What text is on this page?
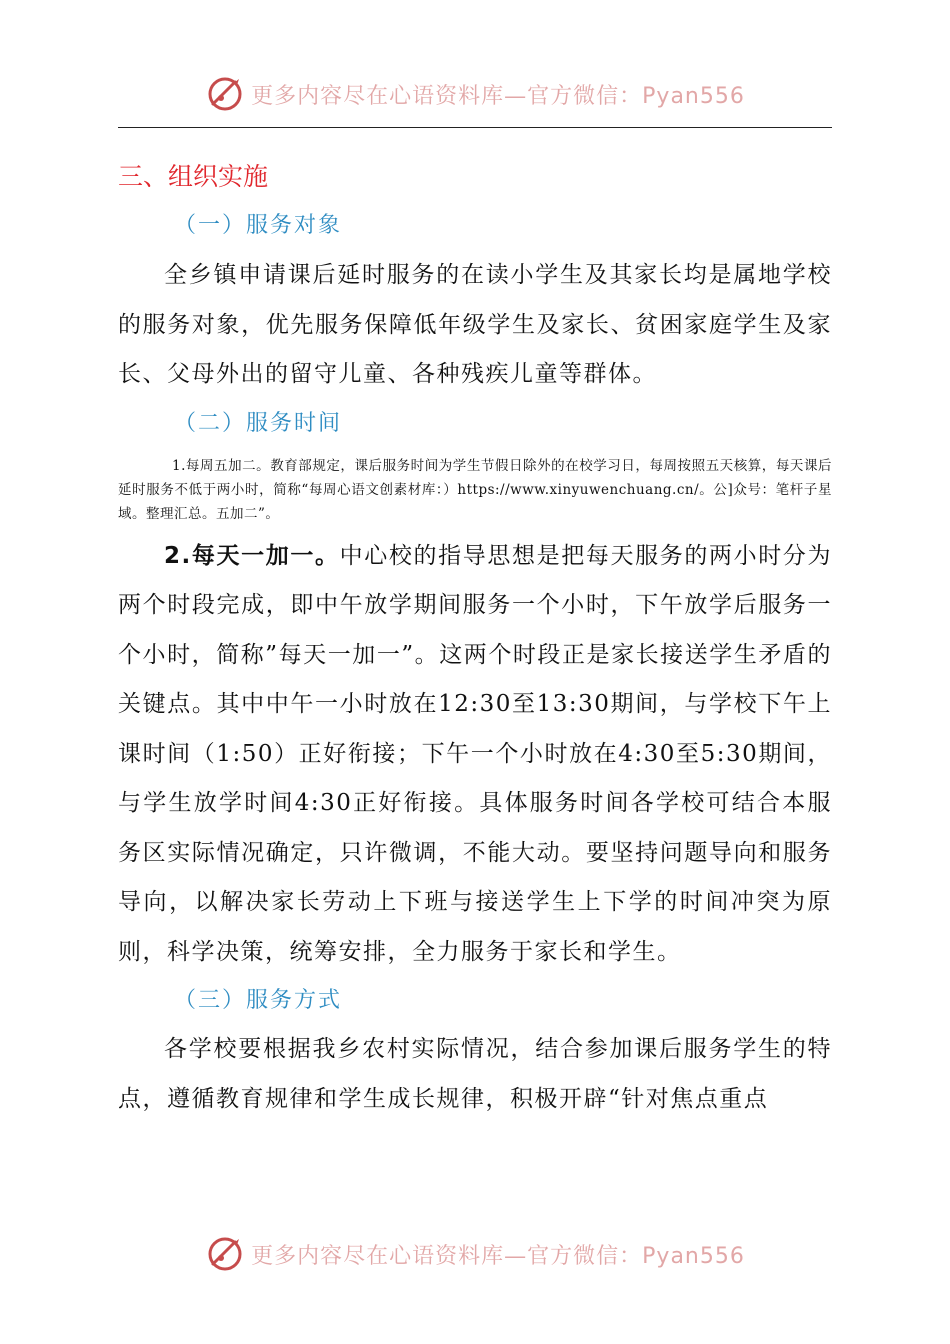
更多内容尽在心语资料库—官方微信：Pyan556
三、组织实施
（一）服务对象

全乡镇申请课后延时服务的在读小学生及其家长均是属地学校的服务对象，优先服务保障低年级学生及家长、贫困家庭学生及家长、父母外出的留守儿童、各种残疾儿童等群体。

（二）服务时间

1.每周五加二。教育部规定，课后服务时间为学生节假日除外的在校学习日，每周按照五天核算，每天课后延时服务不低于两小时，简称“每周心语文创素材库：）https://www.xinyuwenchuang.cn/。公]众号：笔杆子星域。整理汇总。五加二”。

2.每天一加一。中心校的指导思想是把每天服务的两小时分为两个时段完成，即中午放学期间服务一个小时，下午放学后服务一个小时，简称”每天一加一”。这两个时段正是家长接送学生矛盾的关键点。其中中午一小时放在12:30至13:30期间，与学校下午上课时间（1:50）正好衔接；下午一个小时放在4:30至5:30期间，与学生放学时间4:30正好衔接。具体服务时间各学校可结合本服务区实际情况确定，只许微调，不能大动。要坚持问题导向和服务导向，以解决家长劳动上下班与接送学生上下学的时间冲突为原则，科学决策，统筹安排，全力服务于家长和学生。

（三）服务方式

各学校要根据我乡农村实际情况，结合参加课后服务学生的特点，遵循教育规律和学生成长规律，积极开辟“针对焦点重点

更多内容尽在心语资料库—官方微信：Pyan556
